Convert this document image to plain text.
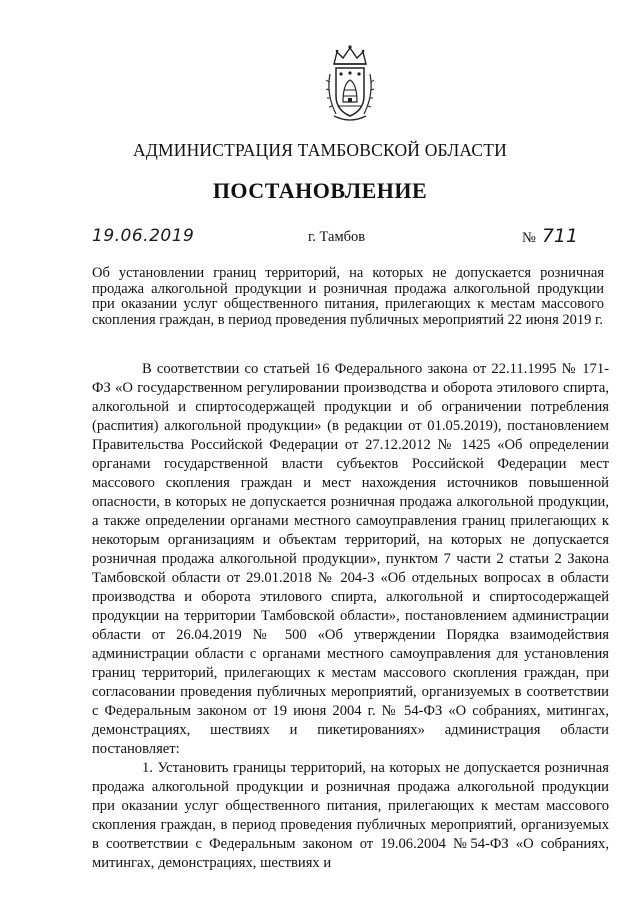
АДМИНИСТРАЦИЯ ТАМБОВСКОЙ ОБЛАСТИ
ПОСТАНОВЛЕНИЕ
19.06.2019	г. Тамбов	№ 711
Об установлении границ территорий, на которых не допускается розничная продажа алкогольной продукции и розничная продажа алкогольной продукции при оказании услуг общественного питания, прилегающих к местам массового скопления граждан, в период проведения публичных мероприятий 22 июня 2019 г.

В соответствии со статьей 16 Федерального закона от 22.11.1995 № 171-ФЗ «О государственном регулировании производства и оборота этилового спирта, алкогольной и спиртосодержащей продукции и об ограничении потребления (распития) алкогольной продукции» (в редакции от 01.05.2019), постановлением Правительства Российской Федерации от 27.12.2012 № 1425 «Об определении органами государственной власти субъектов Российской Федерации мест массового скопления граждан и мест нахождения источников повышенной опасности, в которых не допускается розничная продажа алкогольной продукции, а также определении органами местного самоуправления границ прилегающих к некоторым организациям и объектам территорий, на которых не допускается розничная продажа алкогольной продукции», пунктом 7 части 2 статьи 2 Закона Тамбовской области от 29.01.2018 № 204-З «Об отдельных вопросах в области производства и оборота этилового спирта, алкогольной и спиртосодержащей продукции на территории Тамбовской области», постановлением администрации области от 26.04.2019 № 500 «Об утверждении Порядка взаимодействия администрации области с органами местного самоуправления для установления границ территорий, прилегающих к местам массового скопления граждан, при согласовании проведения публичных мероприятий, организуемых в соответствии с Федеральным законом от 19 июня 2004 г. № 54-ФЗ «О собраниях, митингах, демонстрациях, шествиях и пикетированиях» администрация области постановляет:

1. Установить границы территорий, на которых не допускается розничная продажа алкогольной продукции и розничная продажа алкогольной продукции при оказании услуг общественного питания, прилегающих к местам массового скопления граждан, в период проведения публичных мероприятий, организуемых в соответствии с Федеральным законом от 19.06.2004 №54-ФЗ «О собраниях, митингах, демонстрациях, шествиях и
